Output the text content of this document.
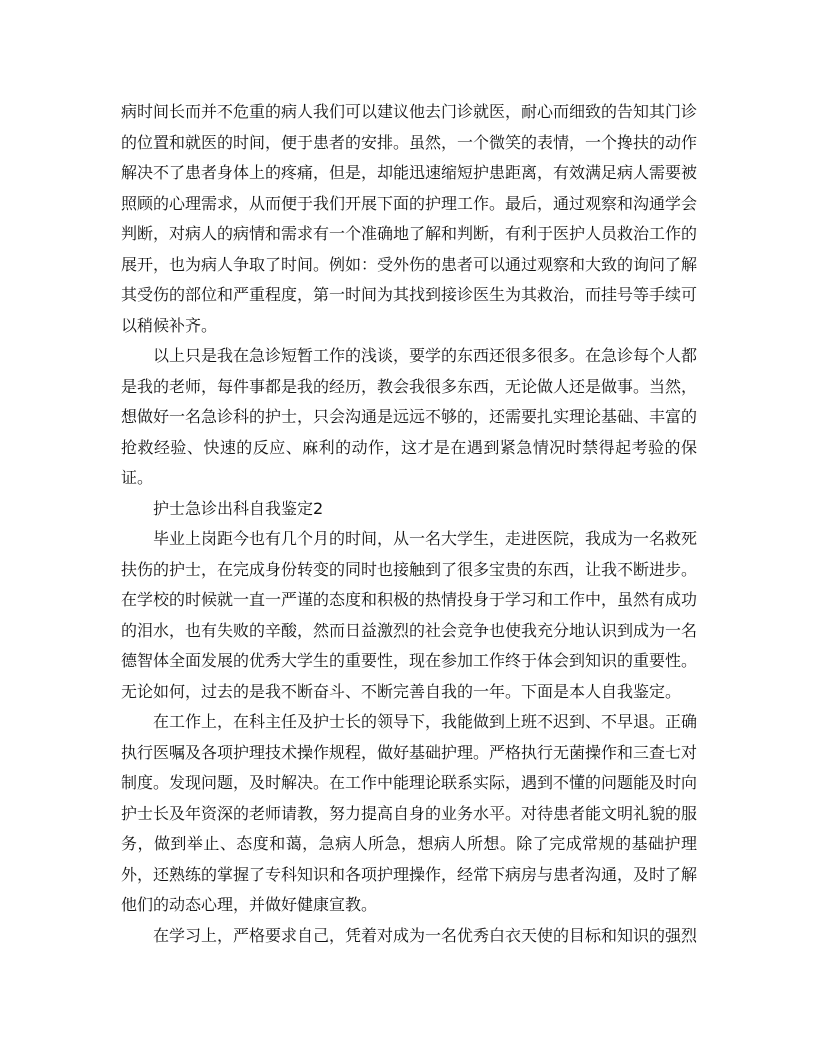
病时间长而并不危重的病人我们可以建议他去门诊就医，耐心而细致的告知其门诊的位置和就医的时间，便于患者的安排。虽然，一个微笑的表情，一个搀扶的动作解决不了患者身体上的疼痛，但是，却能迅速缩短护患距离，有效满足病人需要被照顾的心理需求，从而便于我们开展下面的护理工作。最后，通过观察和沟通学会判断，对病人的病情和需求有一个准确地了解和判断，有利于医护人员救治工作的展开，也为病人争取了时间。例如：受外伤的患者可以通过观察和大致的询问了解其受伤的部位和严重程度，第一时间为其找到接诊医生为其救治，而挂号等手续可以稍候补齐。

以上只是我在急诊短暂工作的浅谈，要学的东西还很多很多。在急诊每个人都是我的老师，每件事都是我的经历，教会我很多东西，无论做人还是做事。当然，想做好一名急诊科的护士，只会沟通是远远不够的，还需要扎实理论基础、丰富的抢救经验、快速的反应、麻利的动作，这才是在遇到紧急情况时禁得起考验的保证。

护士急诊出科自我鉴定2

毕业上岗距今也有几个月的时间，从一名大学生，走进医院，我成为一名救死扶伤的护士，在完成身份转变的同时也接触到了很多宝贵的东西，让我不断进步。在学校的时候就一直一严谨的态度和积极的热情投身于学习和工作中，虽然有成功的泪水，也有失败的辛酸，然而日益激烈的社会竞争也使我充分地认识到成为一名德智体全面发展的优秀大学生的重要性，现在参加工作终于体会到知识的重要性。无论如何，过去的是我不断奋斗、不断完善自我的一年。下面是本人自我鉴定。

在工作上，在科主任及护士长的领导下，我能做到上班不迟到、不早退。正确执行医嘱及各项护理技术操作规程，做好基础护理。严格执行无菌操作和三查七对制度。发现问题，及时解决。在工作中能理论联系实际，遇到不懂的问题能及时向护士长及年资深的老师请教，努力提高自身的业务水平。对待患者能文明礼貌的服务，做到举止、态度和蔼，急病人所急，想病人所想。除了完成常规的基础护理外，还熟练的掌握了专科知识和各项护理操作，经常下病房与患者沟通，及时了解他们的动态心理，并做好健康宣教。

在学习上，严格要求自己，凭着对成为一名优秀白衣天使的目标和知识的强烈
